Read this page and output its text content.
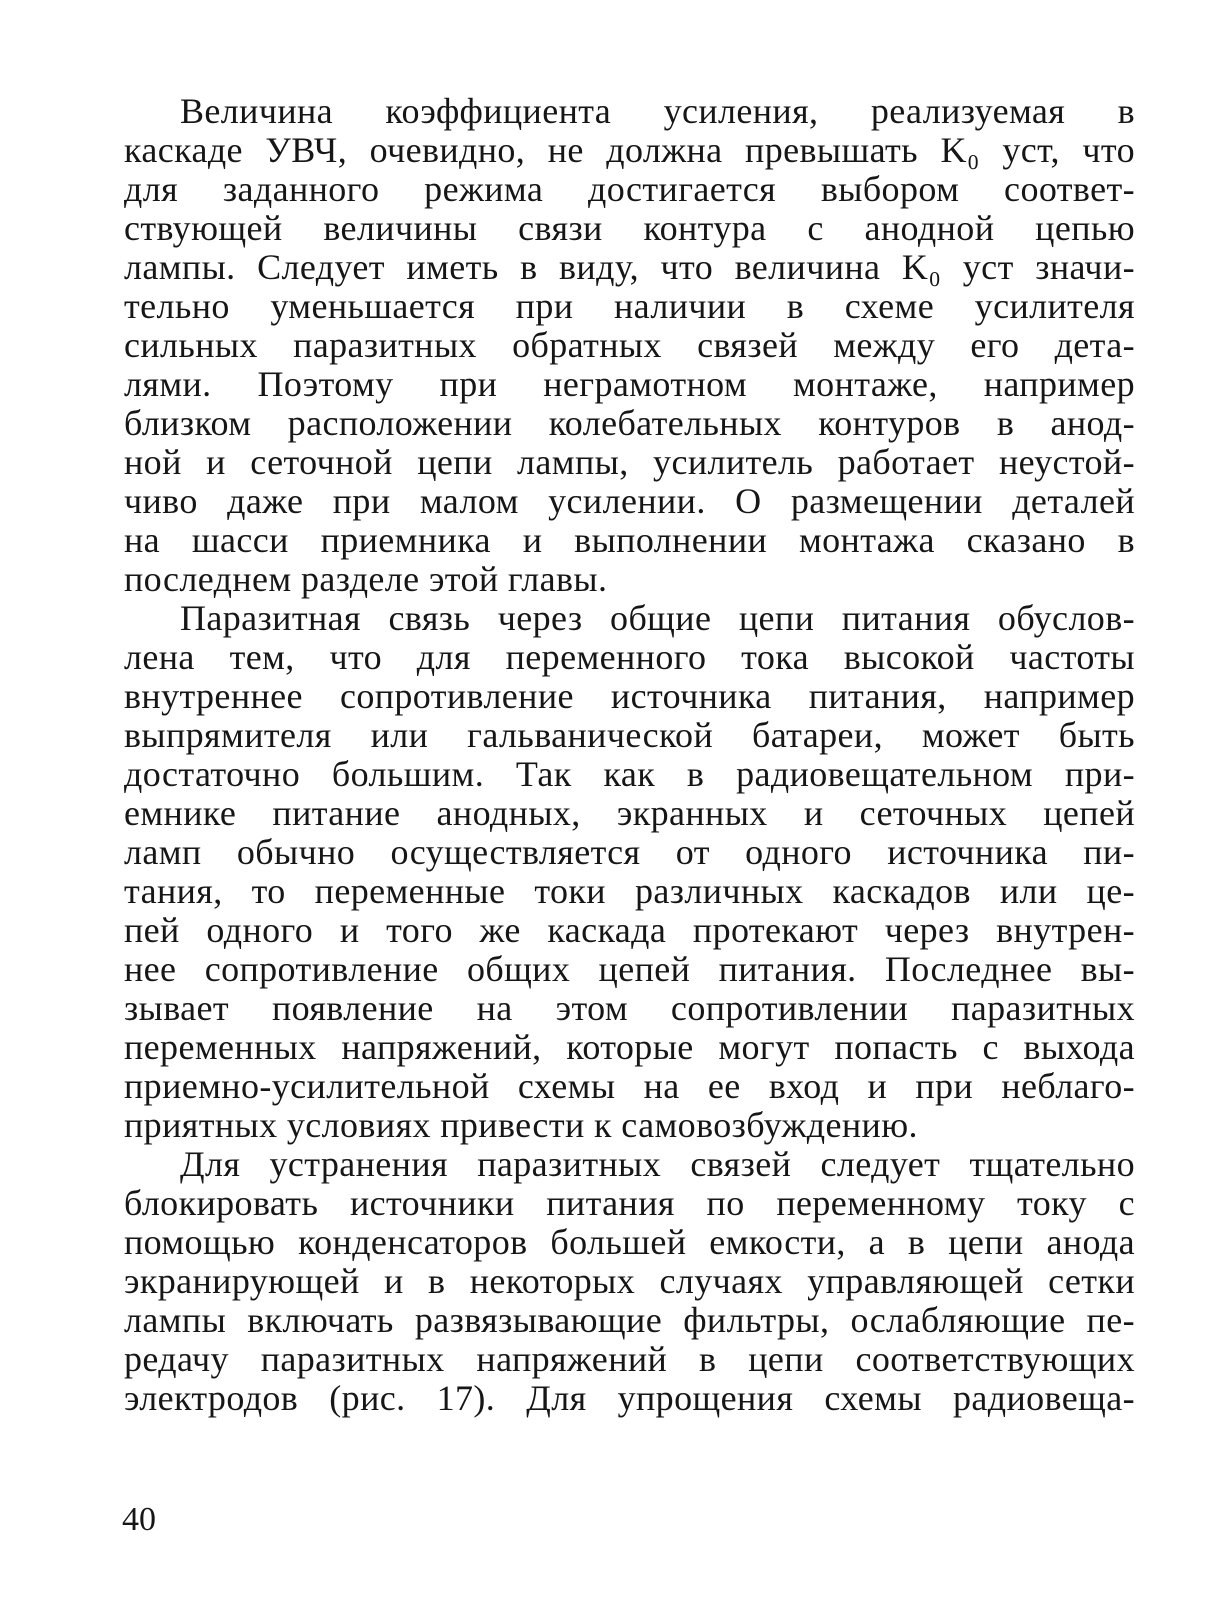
Величина коэффициента усиления, реализуемая в
каскаде УВЧ, очевидно, не должна превышать K₀ уст, что
для заданного режима достигается выбором соответ-
ствующей величины связи контура с анодной цепью
лампы. Следует иметь в виду, что величина K₀ уст значи-
тельно уменьшается при наличии в схеме усилителя
сильных паразитных обратных связей между его дета-
лями. Поэтому при неграмотном монтаже, например
близком расположении колебательных контуров в анод-
ной и сеточной цепи лампы, усилитель работает неустой-
чиво даже при малом усилении. О размещении деталей
на шасси приемника и выполнении монтажа сказано в
последнем разделе этой главы.
Паразитная связь через общие цепи питания обуслов-
лена тем, что для переменного тока высокой частоты
внутреннее сопротивление источника питания, например
выпрямителя или гальванической батареи, может быть
достаточно большим. Так как в радиовещательном при-
емнике питание анодных, экранных и сеточных цепей
ламп обычно осуществляется от одного источника пи-
тания, то переменные токи различных каскадов или це-
пей одного и того же каскада протекают через внутрен-
нее сопротивление общих цепей питания. Последнее вы-
зывает появление на этом сопротивлении паразитных
переменных напряжений, которые могут попасть с выхода
приемно-усилительной схемы на ее вход и при неблаго-
приятных условиях привести к самовозбуждению.
Для устранения паразитных связей следует тщательно
блокировать источники питания по переменному току с
помощью конденсаторов большей емкости, а в цепи анода
экранирующей и в некоторых случаях управляющей сетки
лампы включать развязывающие фильтры, ослабляющие пе-
редачу паразитных напряжений в цепи соответствующих
электродов (рис. 17). Для упрощения схемы радиовеща-
40
